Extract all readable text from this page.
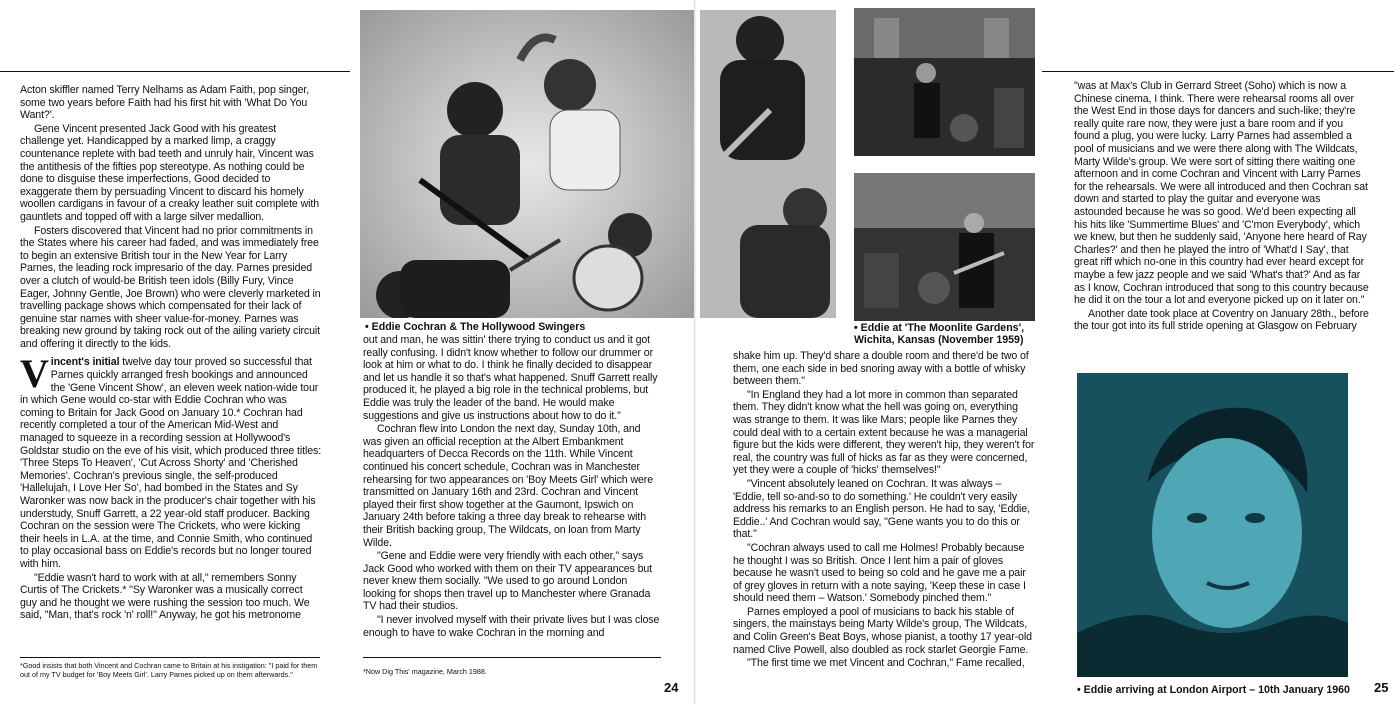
Acton skiffler named Terry Nelhams as Adam Faith, pop singer, some two years before Faith had his first hit with 'What Do You Want?'.

Gene Vincent presented Jack Good with his greatest challenge yet. Handicapped by a marked limp, a craggy countenance replete with bad teeth and unruly hair, Vincent was the antithesis of the fifties pop stereotype. As nothing could be done to disguise these imperfections, Good decided to exaggerate them by persuading Vincent to discard his homely woollen cardigans in favour of a creaky leather suit complete with gauntlets and topped off with a large silver medallion.

Fosters discovered that Vincent had no prior commitments in the States where his career had faded, and was immediately free to begin an extensive British tour in the New Year for Larry Parnes, the leading rock impresario of the day. Parnes presided over a clutch of would-be British teen idols (Billy Fury, Vince Eager, Johnny Gentle, Joe Brown) who were cleverly marketed in travelling package shows which compensated for their lack of genuine star names with sheer value-for-money. Parnes was breaking new ground by taking rock out of the ailing variety circuit and offering it directly to the kids.

Vincent's initial twelve day tour proved so successful that Parnes quickly arranged fresh bookings and announced the 'Gene Vincent Show', an eleven week nation-wide tour in which Gene would co-star with Eddie Cochran who was coming to Britain for Jack Good on January 10.* Cochran had recently completed a tour of the American Mid-West and managed to squeeze in a recording session at Hollywood's Goldstar studio on the eve of his visit, which produced three titles: 'Three Steps To Heaven', 'Cut Across Shorty' and 'Cherished Memories'. Cochran's previous single, the self-produced 'Hallelujah, I Love Her So', had bombed in the States and Sy Waronker was now back in the producer's chair together with his understudy, Snuff Garrett, a 22 year-old staff producer. Backing Cochran on the session were The Crickets, who were kicking their heels in L.A. at the time, and Connie Smith, who continued to play occasional bass on Eddie's records but no longer toured with him.

"Eddie wasn't hard to work with at all," remembers Sonny Curtis of The Crickets.* "Sy Waronker was a musically correct guy and he thought we were rushing the session too much. We said, "Man, that's rock 'n' roll!" Anyway, he got his metronome

*Good insists that both Vincent and Cochran came to Britain at his instigation: "I paid for them out of my TV budget for 'Boy Meets Girl'. Larry Parnes picked up on them afterwards."
• Eddie Cochran & The Hollywood Swingers

out and man, he was sittin' there trying to conduct us and it got really confusing. I didn't know whether to follow our drummer or look at him or what to do. I think he finally decided to disappear and let us handle it so that's what happened. Snuff Garrett really produced it, he played a big role in the technical problems, but Eddie was truly the leader of the band. He would make suggestions and give us instructions about how to do it."

Cochran flew into London the next day, Sunday 10th, and was given an official reception at the Albert Embankment headquarters of Decca Records on the 11th. While Vincent continued his concert schedule, Cochran was in Manchester rehearsing for two appearances on 'Boy Meets Girl' which were transmitted on January 16th and 23rd. Cochran and Vincent played their first show together at the Gaumont, Ipswich on January 24th before taking a three day break to rehearse with their British backing group, The Wildcats, on loan from Marty Wilde.

"Gene and Eddie were very friendly with each other," says Jack Good who worked with them on their TV appearances but never knew them socially. "We used to go around London looking for shops then travel up to Manchester where Granada TV had their studios.

"I never involved myself with their private lives but I was close enough to have to wake Cochran in the morning and

*Now Dig This' magazine, March 1988.
24
• Eddie at 'The Moonlite Gardens', Wichita, Kansas (November 1959)

shake him up. They'd share a double room and there'd be two of them, one each side in bed snoring away with a bottle of whisky between them."

"In England they had a lot more in common than separated them. They didn't know what the hell was going on, everything was strange to them. It was like Mars; people like Parnes they could deal with to a certain extent because he was a managerial figure but the kids were different, they weren't hip, they weren't for real, the country was full of hicks as far as they were concerned, yet they were a couple of 'hicks' themselves!"

"Vincent absolutely leaned on Cochran. It was always – 'Eddie, tell so-and-so to do something.' He couldn't very easily address his remarks to an English person. He had to say, 'Eddie, Eddie..' And Cochran would say, "Gene wants you to do this or that."

"Cochran always used to call me Holmes! Probably because he thought I was so British. Once I lent him a pair of gloves because he wasn't used to being so cold and he gave me a pair of grey gloves in return with a note saying, 'Keep these in case I should need them – Watson.' Somebody pinched them."

Parnes employed a pool of musicians to back his stable of singers, the mainstays being Marty Wilde's group, The Wildcats, and Colin Green's Beat Boys, whose pianist, a toothy 17 year-old named Clive Powell, also doubled as rock starlet Georgie Fame.

"The first time we met Vincent and Cochran," Fame recalled,

"was at Max's Club in Gerrard Street (Soho) which is now a Chinese cinema, I think. There were rehearsal rooms all over the West End in those days for dancers and such-like; they're really quite rare now, they were just a bare room and if you found a plug, you were lucky. Larry Parnes had assembled a pool of musicians and we were there along with The Wildcats, Marty Wilde's group. We were sort of sitting there waiting one afternoon and in come Cochran and Vincent with Larry Parnes for the rehearsals. We were all introduced and then Cochran sat down and started to play the guitar and everyone was astounded because he was so good. We'd been expecting all his hits like 'Summertime Blues' and 'C'mon Everybody', which we knew, but then he suddenly said, 'Anyone here heard of Ray Charles?' and then he played the intro of 'What'd I Say', that great riff which no-one in this country had ever heard except for maybe a few jazz people and we said 'What's that?' And as far as I know, Cochran introduced that song to this country because he did it on the tour a lot and everyone picked up on it later on."

Another date took place at Coventry on January 28th., before the tour got into its full stride opening at Glasgow on February

• Eddie arriving at London Airport – 10th January 1960	25
